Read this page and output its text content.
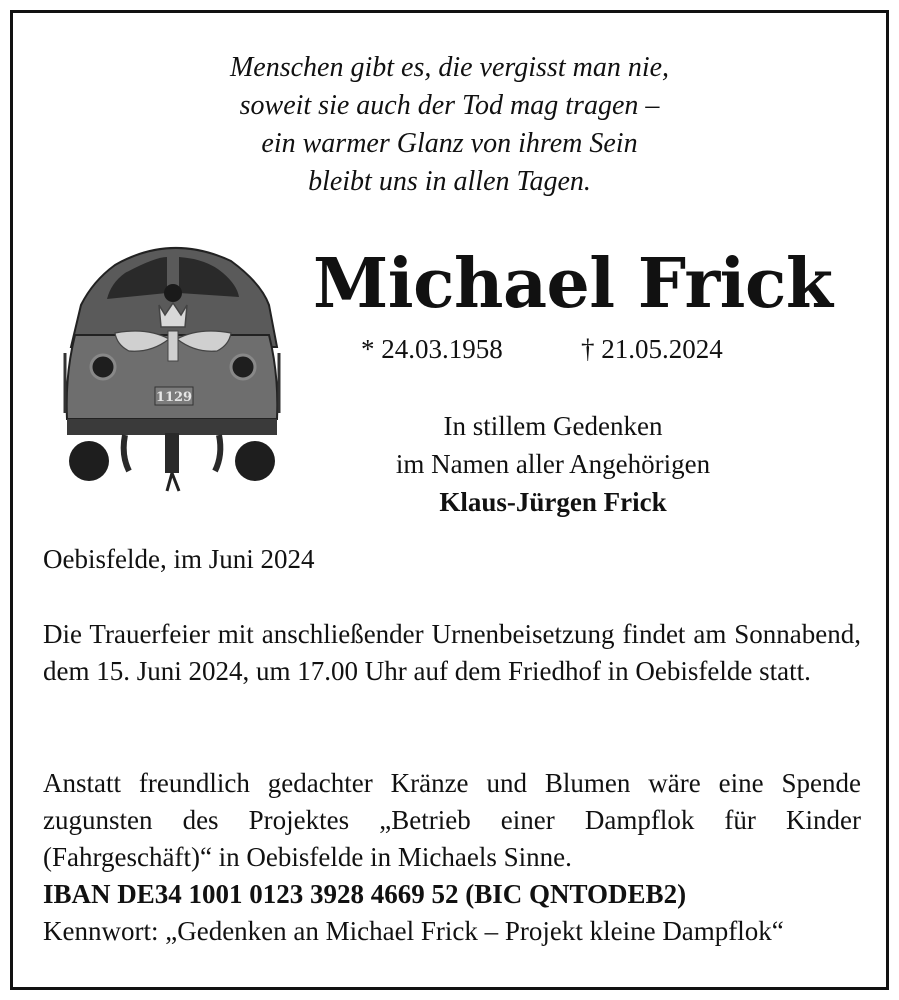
Menschen gibt es, die vergisst man nie,
soweit sie auch der Tod mag tragen –
ein warmer Glanz von ihrem Sein
bleibt uns in allen Tagen.
1129
Michael Frick
* 24.03.1958	† 21.05.2024
In stillem Gedenken
im Namen aller Angehörigen
Klaus-Jürgen Frick
Oebisfelde, im Juni 2024

Die Trauerfeier mit anschließender Urnenbeisetzung findet am Sonnabend, dem 15. Juni 2024, um 17.00 Uhr auf dem Friedhof in Oebisfelde statt.

Anstatt freundlich gedachter Kränze und Blumen wäre eine Spende zugunsten des Projektes „Betrieb einer Dampflok für Kinder (Fahrgeschäft)“ in Oebisfelde in Michaels Sinne.

IBAN DE34 1001 0123 3928 4669 52 (BIC QNTODEB2)
Kennwort: „Gedenken an Michael Frick – Projekt kleine Dampflok“
